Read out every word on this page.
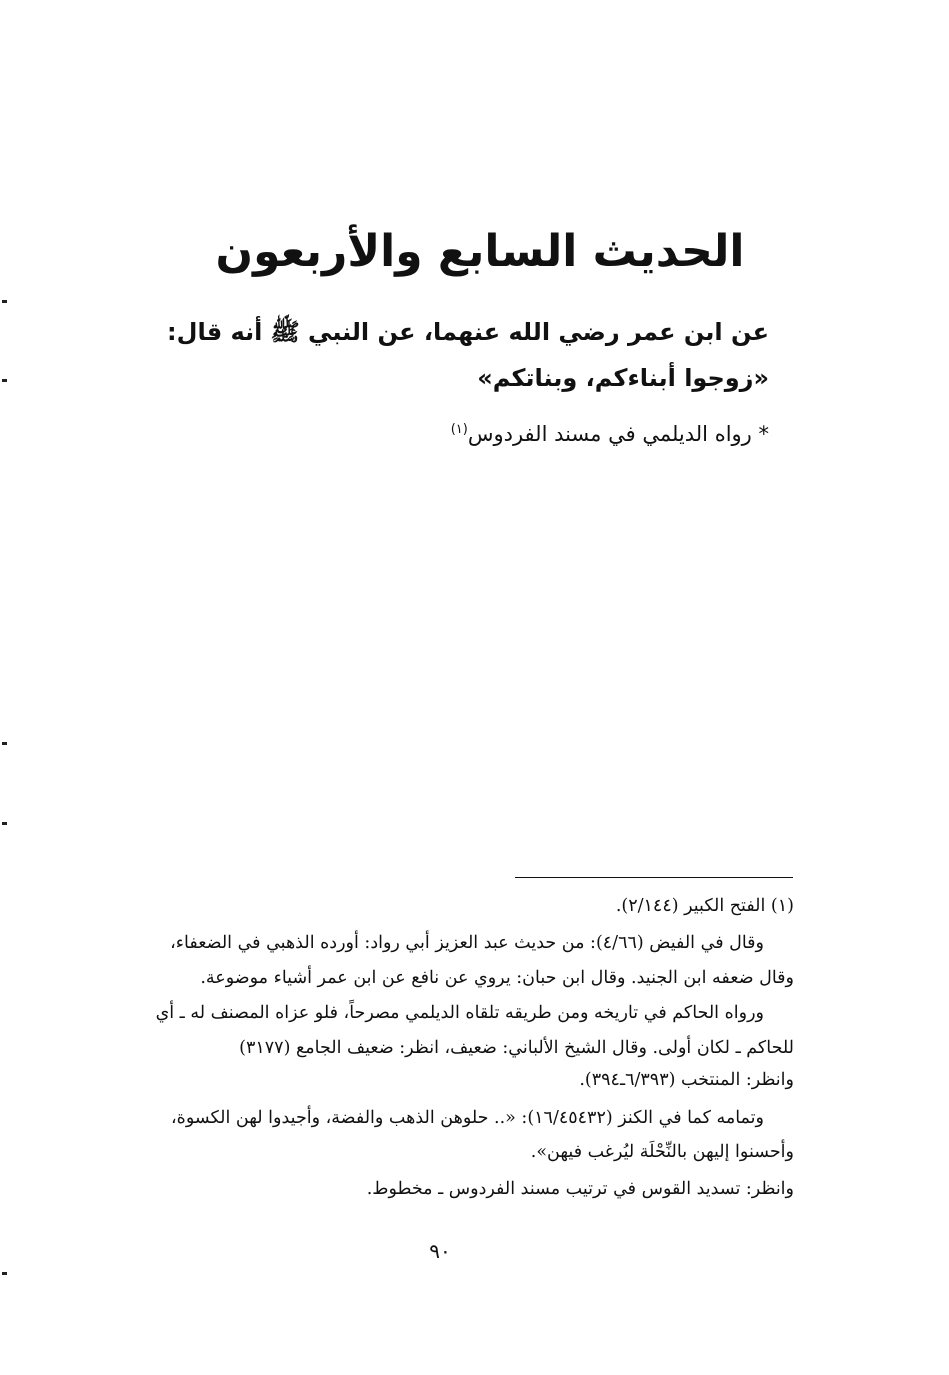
الحديث السابع والأربعون
عن ابن عمر رضي الله عنهما، عن النبي ﷺ أنه قال:
«زوجوا أبناءكم، وبناتكم»
* رواه الديلمي في مسند الفردوس$^{(١)}$
(١) الفتح الكبير (٢/١٤٤).
وقال في الفيض (٤/٦٦): من حديث عبد العزيز أبي رواد: أورده الذهبي في الضعفاء،
وقال ضعفه ابن الجنيد. وقال ابن حبان: يروي عن نافع عن ابن عمر أشياء موضوعة.
ورواه الحاكم في تاريخه ومن طريقه تلقاه الديلمي مصرحاً، فلو عزاه المصنف له ـ أي
للحاكم ـ لكان أولى. وقال الشيخ الألباني: ضعيف، انظر: ضعيف الجامع (٣١٧٧)
وانظر: المنتخب (٦/٣٩٣ـ٣٩٤).
وتمامه كما في الكنز (١٦/٤٥٤٣٢): «.. حلوهن الذهب والفضة، وأجيدوا لهن الكسوة،
وأحسنوا إليهن بالنِّحْلَة ليُرغب فيهن».
وانظر: تسديد القوس في ترتيب مسند الفردوس ـ مخطوط.
٩٠
